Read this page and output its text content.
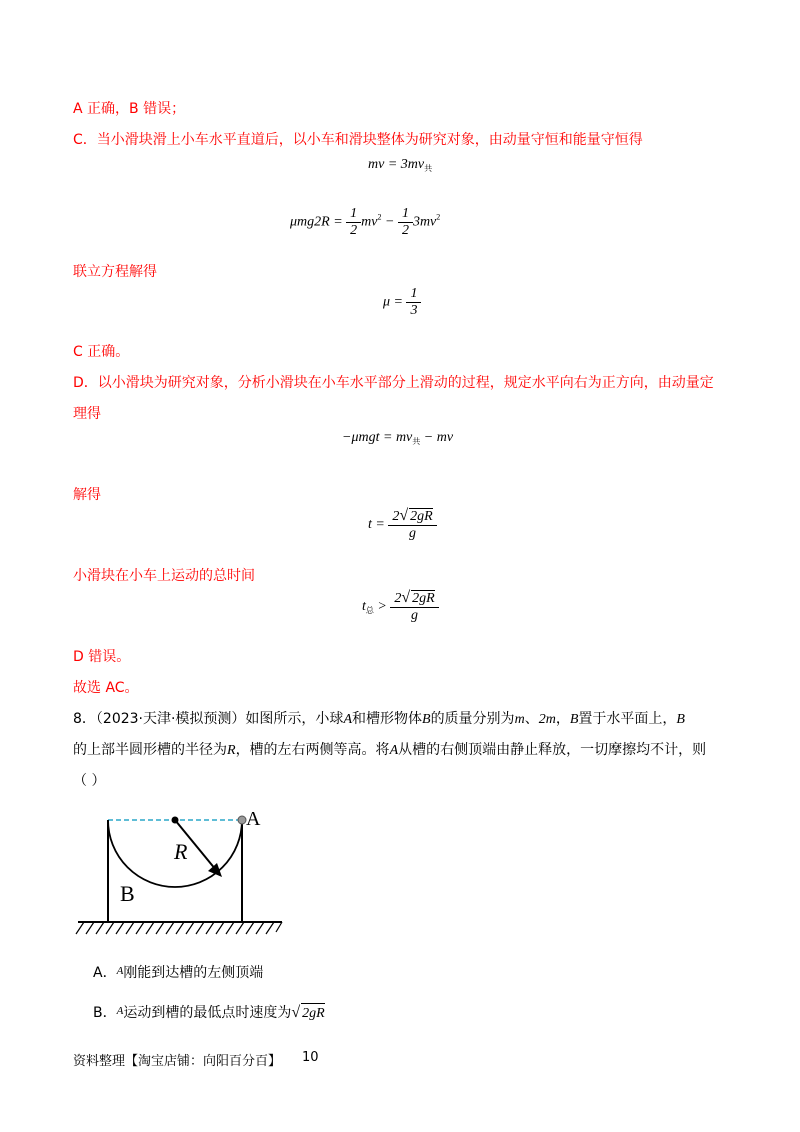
A 正确，B 错误；
C．当小滑块滑上小车水平直道后，以小车和滑块整体为研究对象，由动量守恒和能量守恒得
mv = $3mv_共$
$\mu mg2R = \frac{1}{2} mv^2 - \frac{1}{2} 3mv^2$
联立方程解得
$\mu = \frac{1}{3}$
C 正确。
D．以小滑块为研究对象，分析小滑块在小车水平部分上滑动的过程，规定水平向右为正方向，由动量定
理得
$-\mu mgt = mv_共$ − mv
解得
$t = \frac{2√ 2gR}{g}$
小滑块在小车上运动的总时间
$t_总 > \frac{2√ 2gR}{g}$
D 错误。
故选 AC。
8．（2023·天津·模拟预测）如图所示，小球A和槽形物体B的质量分别为m、2m，B置于水平面上，B
的上部半圆形槽的半径为R，槽的左右两侧等高。将A从槽的右侧顶端由静止释放，一切摩擦均不计，则
（ ）
A
R
B
A．$^A$刚能到达槽的左侧顶端
B．$^A$运动到槽的最低点时速度为√ 2gR
资料整理【淘宝店铺：向阳百分百】 10
